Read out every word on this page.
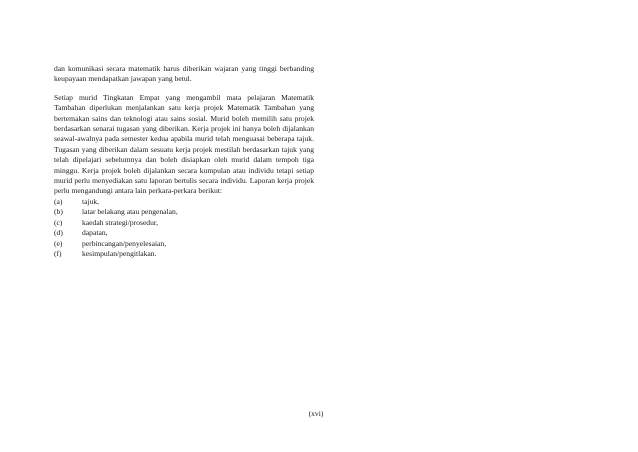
dan komunikasi secara matematik harus diberikan wajaran yang tinggi berbanding keupayaan mendapatkan jawapan yang betul.

Setiap murid Tingkatan Empat yang mengambil mata pelajaran Matematik Tambahan diperlukan menjalankan satu kerja projek Matematik Tambahan yang bertemakan sains dan teknologi atau sains sosial. Murid boleh memilih satu projek berdasarkan senarai tugasan yang diberikan. Kerja projek ini hanya boleh dijalankan seawal-awalnya pada semester kedua apabila murid telah menguasai beberapa tajuk. Tugasan yang diberikan dalam sesuatu kerja projek mestilah berdasarkan tajuk yang telah dipelajari sebelumnya dan boleh disiapkan oleh murid dalam tempoh tiga minggu. Kerja projek boleh dijalankan secara kumpulan atau individu tetapi setiap murid perlu menyediakan satu laporan bertulis secara individu. Laporan kerja projek perlu mengandungi antara lain perkara-perkara berikut:

(a)	tajuk,
(b)	latar belakang atau pengenalan,
(c)	kaedah strategi/prosedur,
(d)	dapatan,
(e)	perbincangan/penyelesaian,
(f)	kesimpulan/pengitlakan.
(xvi)
